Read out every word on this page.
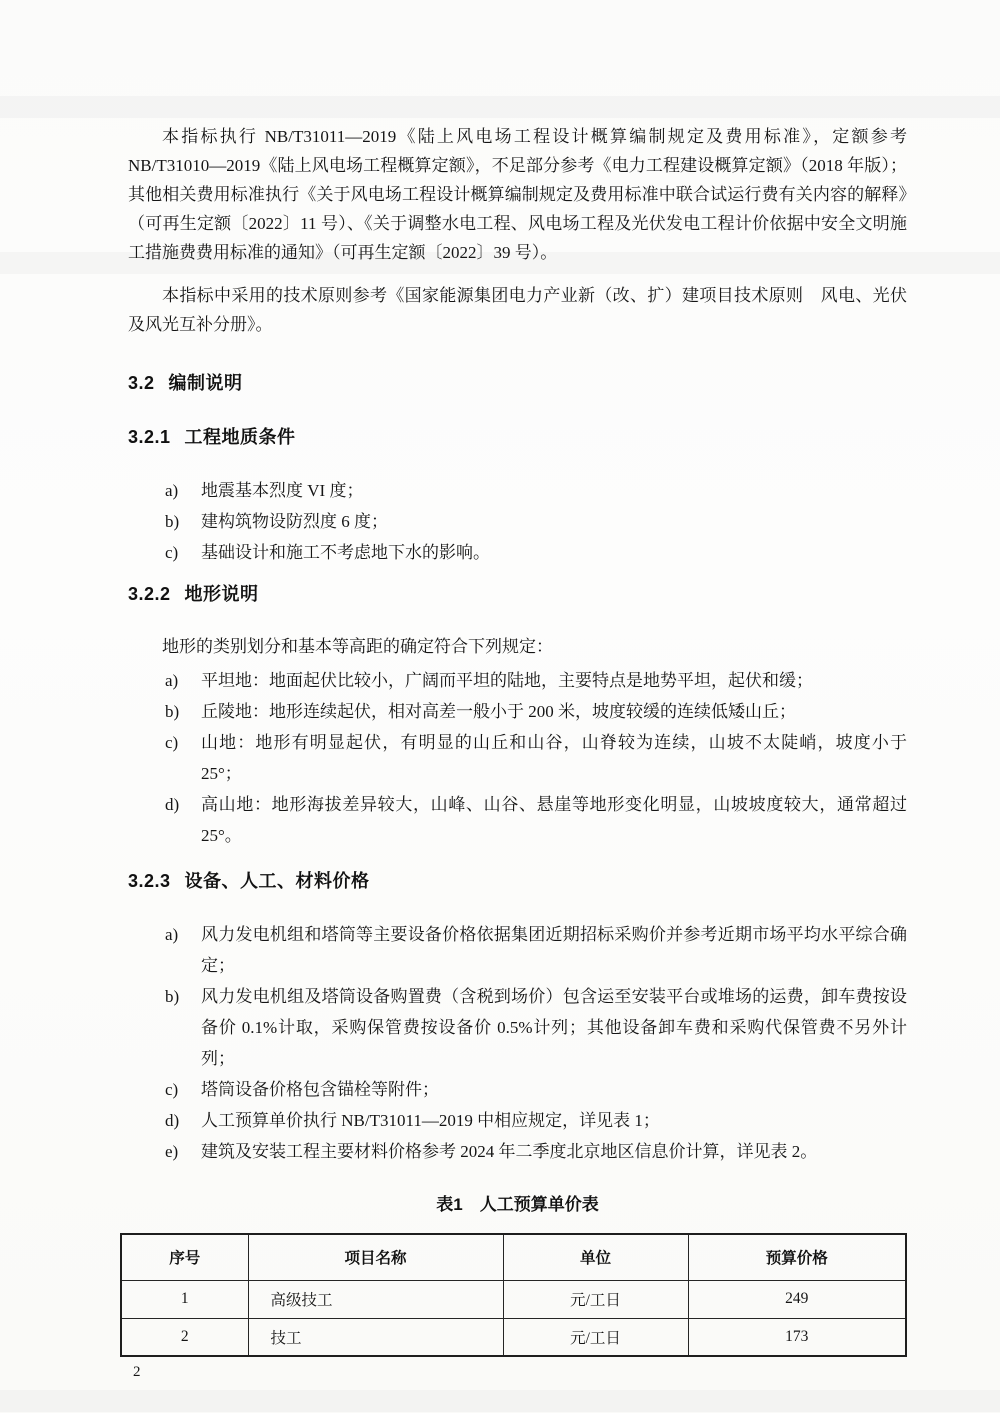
本指标执行 NB/T31011—2019《陆上风电场工程设计概算编制规定及费用标准》，定额参考 NB/T31010—2019《陆上风电场工程概算定额》，不足部分参考《电力工程建设概算定额》（2018 年版）；其他相关费用标准执行《关于风电场工程设计概算编制规定及费用标准中联合试运行费有关内容的解释》（可再生定额〔2022〕11 号）、《关于调整水电工程、风电场工程及光伏发电工程计价依据中安全文明施工措施费费用标准的通知》（可再生定额〔2022〕39 号）。

本指标中采用的技术原则参考《国家能源集团电力产业新（改、扩）建项目技术原则　风电、光伏及风光互补分册》。

3.2 编制说明
3.2.1 工程地质条件
a)	地震基本烈度 VI 度；
b)	建构筑物设防烈度 6 度；
c)	基础设计和施工不考虑地下水的影响。
3.2.2 地形说明

地形的类别划分和基本等高距的确定符合下列规定：

a)	平坦地：地面起伏比较小，广阔而平坦的陆地，主要特点是地势平坦，起伏和缓；
b)	丘陵地：地形连续起伏，相对高差一般小于 200 米，坡度较缓的连续低矮山丘；
c)	山地：地形有明显起伏，有明显的山丘和山谷，山脊较为连续，山坡不太陡峭，坡度小于 25°；
d)	高山地：地形海拔差异较大，山峰、山谷、悬崖等地形变化明显，山坡坡度较大，通常超过 25°。
3.2.3 设备、人工、材料价格
a)	风力发电机组和塔筒等主要设备价格依据集团近期招标采购价并参考近期市场平均水平综合确定；
b)	风力发电机组及塔筒设备购置费（含税到场价）包含运至安装平台或堆场的运费，卸车费按设备价 0.1%计取，采购保管费按设备价 0.5%计列；其他设备卸车费和采购代保管费不另外计列；
c)	塔筒设备价格包含锚栓等附件；
d)	人工预算单价执行 NB/T31011—2019 中相应规定，详见表 1；
e)	建筑及安装工程主要材料价格参考 2024 年二季度北京地区信息价计算，详见表 2。
表1　人工预算单价表
序号	项目名称	单位	预算价格
1	高级技工	元/工日	249
2	技工	元/工日	173
2
